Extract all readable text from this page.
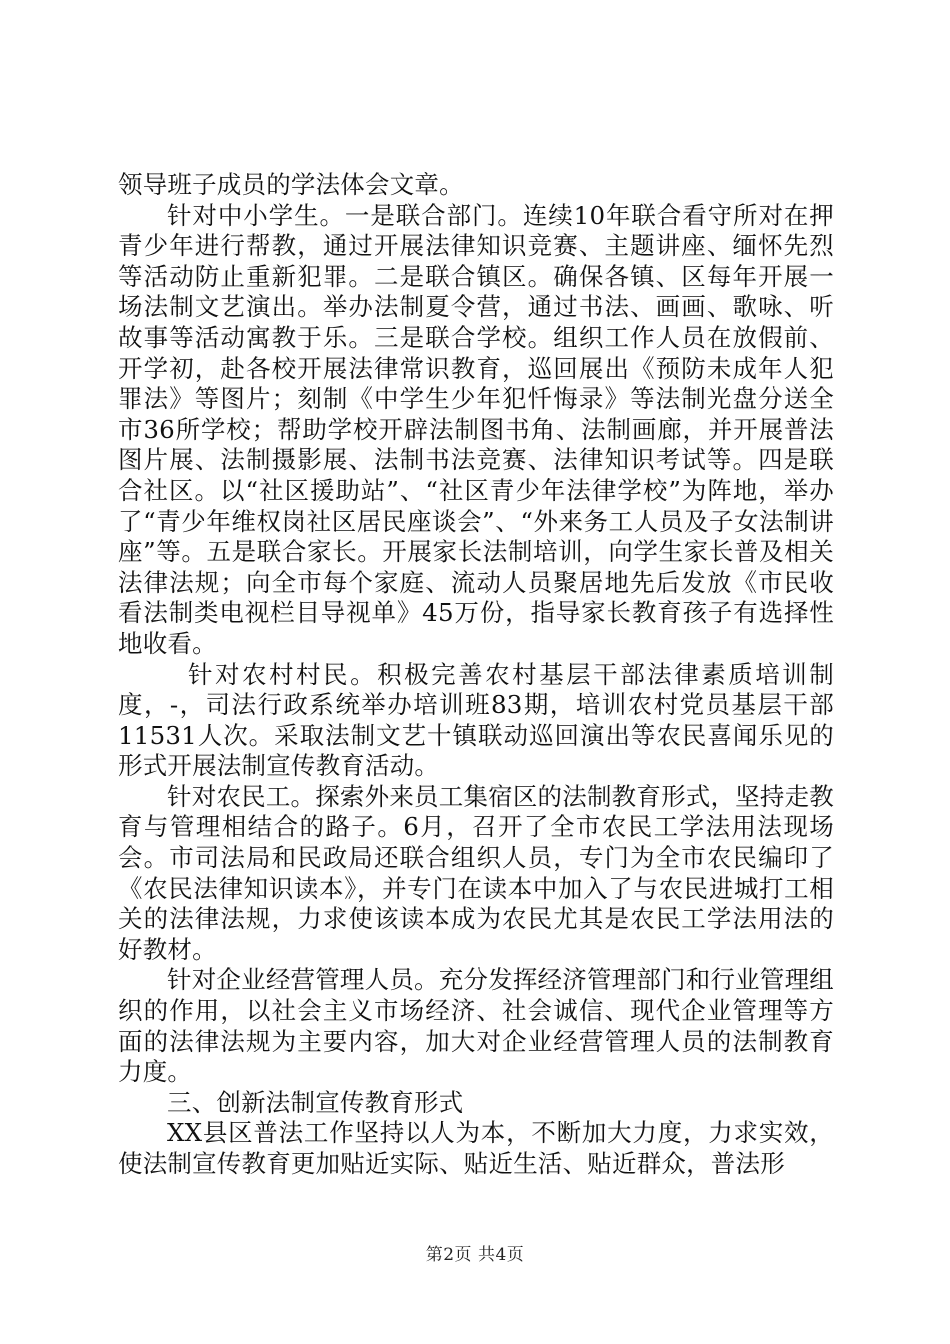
领导班子成员的学法体会文章。

针对中小学生。一是联合部门。连续10年联合看守所对在押青少年进行帮教，通过开展法律知识竞赛、主题讲座、缅怀先烈等活动防止重新犯罪。二是联合镇区。确保各镇、区每年开展一场法制文艺演出。举办法制夏令营，通过书法、画画、歌咏、听故事等活动寓教于乐。三是联合学校。组织工作人员在放假前、开学初，赴各校开展法律常识教育，巡回展出《预防未成年人犯罪法》等图片；刻制《中学生少年犯忏悔录》等法制光盘分送全市36所学校；帮助学校开辟法制图书角、法制画廊，并开展普法图片展、法制摄影展、法制书法竞赛、法律知识考试等。四是联合社区。以“社区援助站”、“社区青少年法律学校”为阵地，举办了“青少年维权岗社区居民座谈会”、“外来务工人员及子女法制讲座”等。五是联合家长。开展家长法制培训，向学生家长普及相关法律法规；向全市每个家庭、流动人员聚居地先后发放《市民收看法制类电视栏目导视单》45万份，指导家长教育孩子有选择性地收看。

针对农村村民。积极完善农村基层干部法律素质培训制度，-，司法行政系统举办培训班83期，培训农村党员基层干部11531人次。采取法制文艺十镇联动巡回演出等农民喜闻乐见的形式开展法制宣传教育活动。

针对农民工。探索外来员工集宿区的法制教育形式，坚持走教育与管理相结合的路子。6月，召开了全市农民工学法用法现场会。市司法局和民政局还联合组织人员，专门为全市农民编印了《农民法律知识读本》，并专门在读本中加入了与农民进城打工相关的法律法规，力求使该读本成为农民尤其是农民工学法用法的好教材。

针对企业经营管理人员。充分发挥经济管理部门和行业管理组织的作用，以社会主义市场经济、社会诚信、现代企业管理等方面的法律法规为主要内容，加大对企业经营管理人员的法制教育力度。

三、创新法制宣传教育形式

XX县区普法工作坚持以人为本，不断加大力度，力求实效，使法制宣传教育更加贴近实际、贴近生活、贴近群众，普法形

第2页 共4页
